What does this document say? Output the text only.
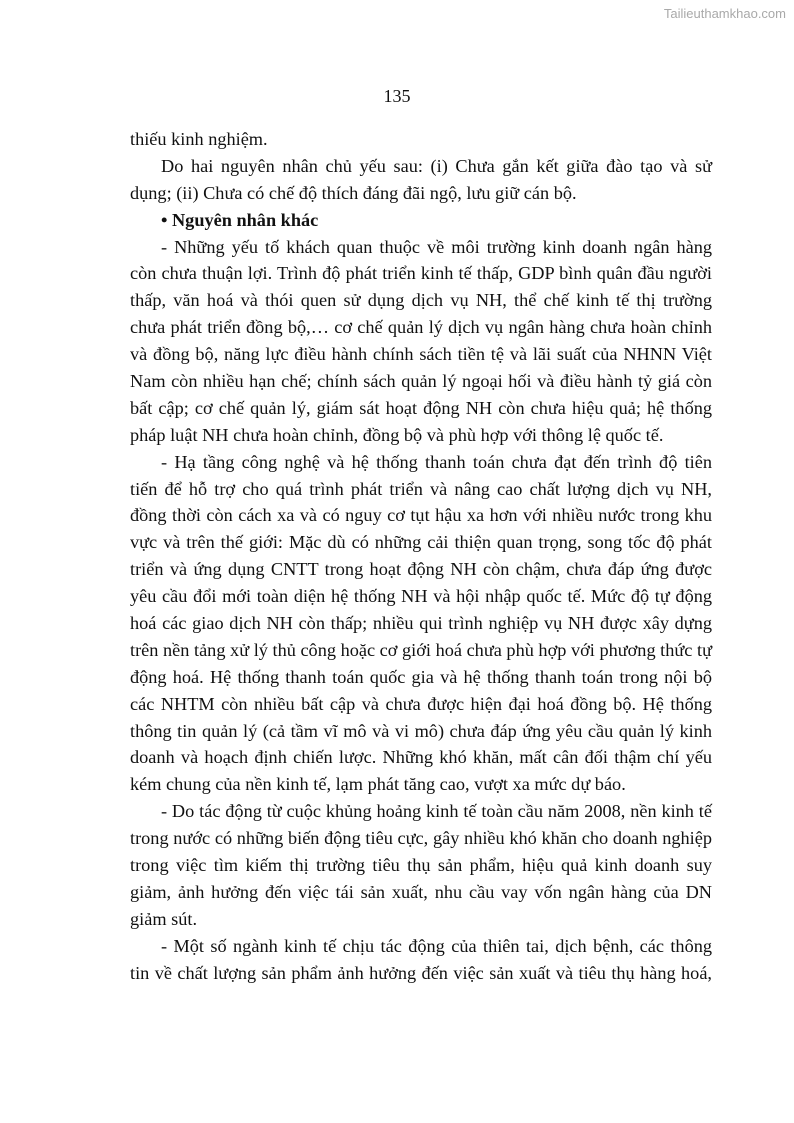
Tailieuthamkhao.com
135
thiếu kinh nghiệm.
Do hai nguyên nhân chủ yếu sau: (i) Chưa gắn kết giữa đào tạo và sử
dụng; (ii) Chưa có chế độ thích đáng đãi ngộ, lưu giữ cán bộ.
• Nguyên nhân khác
- Những yếu tố khách quan thuộc về môi trường kinh doanh ngân hàng
còn chưa thuận lợi. Trình độ phát triển kinh tế thấp, GDP bình quân đầu người
thấp, văn hoá và thói quen sử dụng dịch vụ NH, thể chế kinh tế thị trường
chưa phát triển đồng bộ,… cơ chế quản lý dịch vụ ngân hàng chưa hoàn chỉnh
và đồng bộ, năng lực điều hành chính sách tiền tệ và lãi suất của NHNN Việt
Nam còn nhiều hạn chế; chính sách quản lý ngoại hối và điều hành tỷ giá còn
bất cập; cơ chế quản lý, giám sát hoạt động NH còn chưa hiệu quả; hệ thống
pháp luật NH chưa hoàn chỉnh, đồng bộ và phù hợp với thông lệ quốc tế.
- Hạ tầng công nghệ và hệ thống thanh toán chưa đạt đến trình độ tiên
tiến để hỗ trợ cho quá trình phát triển và nâng cao chất lượng dịch vụ NH,
đồng thời còn cách xa và có nguy cơ tụt hậu xa hơn với nhiều nước trong khu
vực và trên thế giới: Mặc dù có những cải thiện quan trọng, song tốc độ phát
triển và ứng dụng CNTT trong hoạt động NH còn chậm, chưa đáp ứng được
yêu cầu đổi mới toàn diện hệ thống NH và hội nhập quốc tế. Mức độ tự động
hoá các giao dịch NH còn thấp; nhiều qui trình nghiệp vụ NH được xây dựng
trên nền tảng xử lý thủ công hoặc cơ giới hoá chưa phù hợp với phương thức tự
động hoá. Hệ thống thanh toán quốc gia và hệ thống thanh toán trong nội bộ
các NHTM còn nhiều bất cập và chưa được hiện đại hoá đồng bộ. Hệ thống
thông tin quản lý (cả tầm vĩ mô và vi mô) chưa đáp ứng yêu cầu quản lý kinh
doanh và hoạch định chiến lược. Những khó khăn, mất cân đối thậm chí yếu
kém chung của nền kinh tế, lạm phát tăng cao, vượt xa mức dự báo.
- Do tác động từ cuộc khủng hoảng kinh tế toàn cầu năm 2008, nền kinh tế
trong nước có những biến động tiêu cực, gây nhiều khó khăn cho doanh nghiệp
trong việc tìm kiếm thị trường tiêu thụ sản phẩm, hiệu quả kinh doanh suy
giảm, ảnh hưởng đến việc tái sản xuất, nhu cầu vay vốn ngân hàng của DN
giảm sút.
- Một số ngành kinh tế chịu tác động của thiên tai, dịch bệnh, các thông
tin về chất lượng sản phẩm ảnh hưởng đến việc sản xuất và tiêu thụ hàng hoá,
